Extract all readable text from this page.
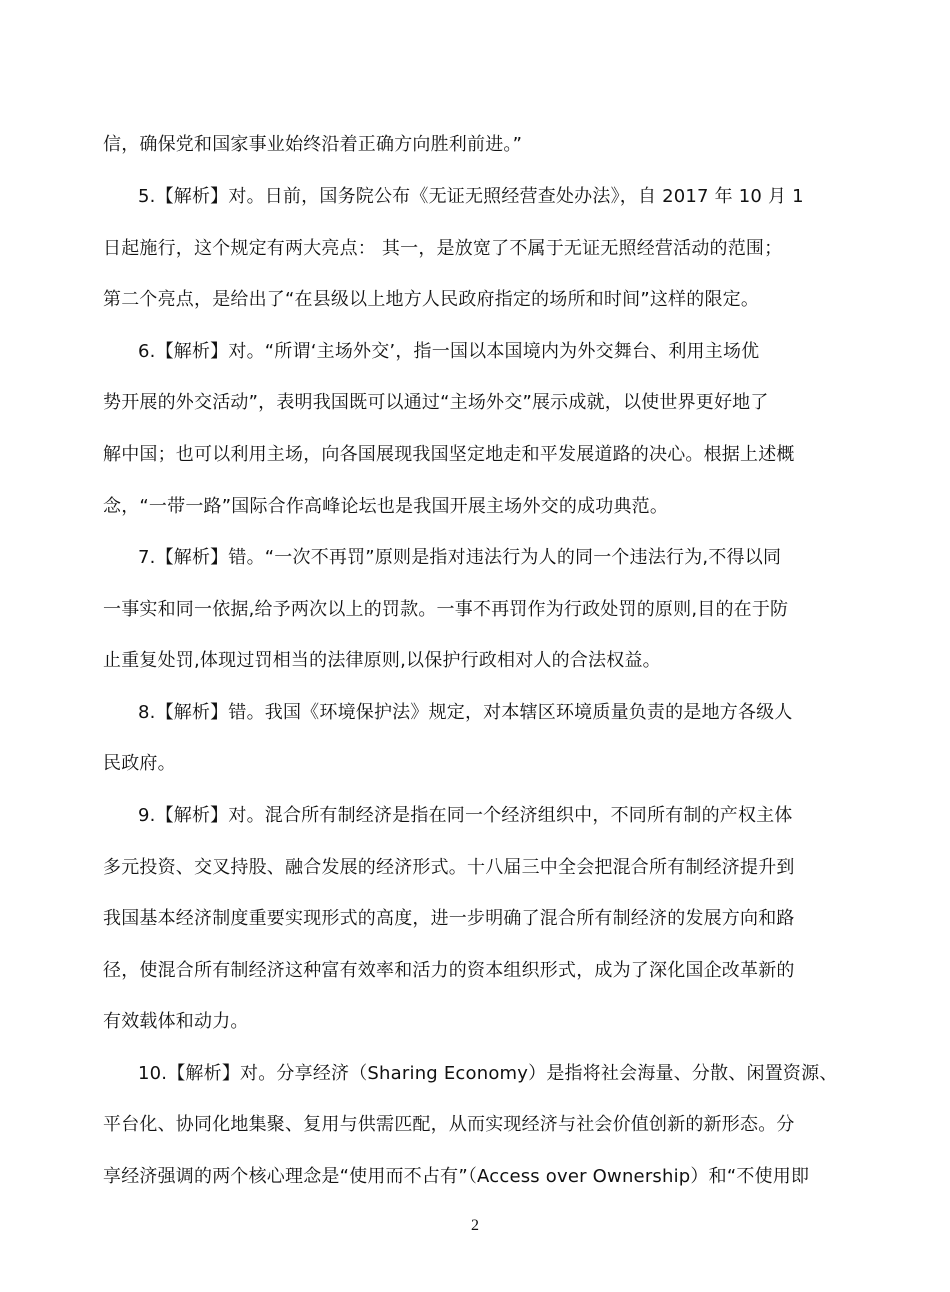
信，确保党和国家事业始终沿着正确方向胜利前进。”
5.【解析】对。日前，国务院公布《无证无照经营查处办法》，自 2017 年 10 月 1
日起施行，这个规定有两大亮点： 其一，是放宽了不属于无证无照经营活动的范围；
第二个亮点，是给出了“在县级以上地方人民政府指定的场所和时间”这样的限定。
6.【解析】对。“所谓‘主场外交’，指一国以本国境内为外交舞台、利用主场优
势开展的外交活动”，表明我国既可以通过“主场外交”展示成就，以使世界更好地了
解中国；也可以利用主场，向各国展现我国坚定地走和平发展道路的决心。根据上述概
念，“一带一路”国际合作高峰论坛也是我国开展主场外交的成功典范。
7.【解析】错。“一次不再罚”原则是指对违法行为人的同一个违法行为,不得以同
一事实和同一依据,给予两次以上的罚款。一事不再罚作为行政处罚的原则,目的在于防
止重复处罚,体现过罚相当的法律原则,以保护行政相对人的合法权益。
8.【解析】错。我国《环境保护法》规定，对本辖区环境质量负责的是地方各级人
民政府。
9.【解析】对。混合所有制经济是指在同一个经济组织中，不同所有制的产权主体
多元投资、交叉持股、融合发展的经济形式。十八届三中全会把混合所有制经济提升到
我国基本经济制度重要实现形式的高度，进一步明确了混合所有制经济的发展方向和路
径，使混合所有制经济这种富有效率和活力的资本组织形式，成为了深化国企改革新的
有效载体和动力。
10.【解析】对。分享经济（Sharing Economy）是指将社会海量、分散、闲置资源、
平台化、协同化地集聚、复用与供需匹配，从而实现经济与社会价值创新的新形态。分
享经济强调的两个核心理念是“使用而不占有”（Access over Ownership）和“不使用即
2
